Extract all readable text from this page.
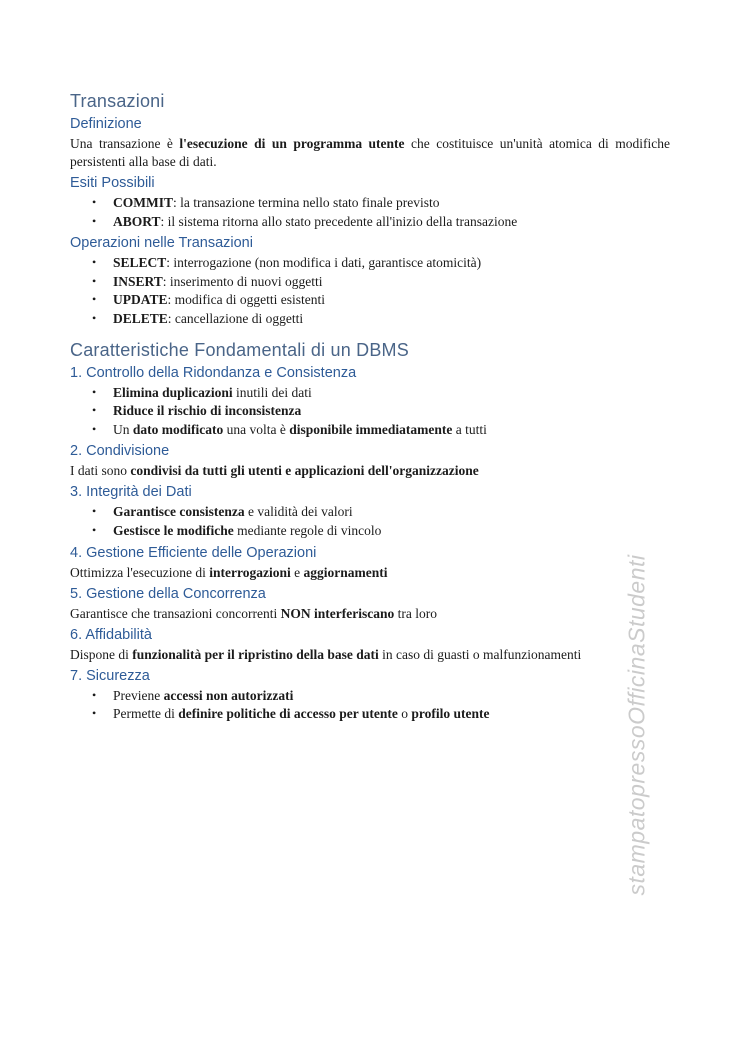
Transazioni
Definizione

Una transazione è l'esecuzione di un programma utente che costituisce un'unità atomica di modifiche persistenti alla base di dati.

Esiti Possibili
• COMMIT: la transazione termina nello stato finale previsto
• ABORT: il sistema ritorna allo stato precedente all'inizio della transazione
Operazioni nelle Transazioni
• SELECT: interrogazione (non modifica i dati, garantisce atomicità)
• INSERT: inserimento di nuovi oggetti
• UPDATE: modifica di oggetti esistenti
• DELETE: cancellazione di oggetti
Caratteristiche Fondamentali di un DBMS
1. Controllo della Ridondanza e Consistenza
• Elimina duplicazioni inutili dei dati
• Riduce il rischio di inconsistenza
• Un dato modificato una volta è disponibile immediatamente a tutti
2. Condivisione

I dati sono condivisi da tutti gli utenti e applicazioni dell'organizzazione

3. Integrità dei Dati
• Garantisce consistenza e validità dei valori
• Gestisce le modifiche mediante regole di vincolo
4. Gestione Efficiente delle Operazioni

Ottimizza l'esecuzione di interrogazioni e aggiornamenti

5. Gestione della Concorrenza

Garantisce che transazioni concorrenti NON interferiscano tra loro

6. Affidabilità

Dispone di funzionalità per il ripristino della base dati in caso di guasti o malfunzionamenti

7. Sicurezza
• Previene accessi non autorizzati
• Permette di definire politiche di accesso per utente o profilo utente	stampatopressoOfficinaStudenti
